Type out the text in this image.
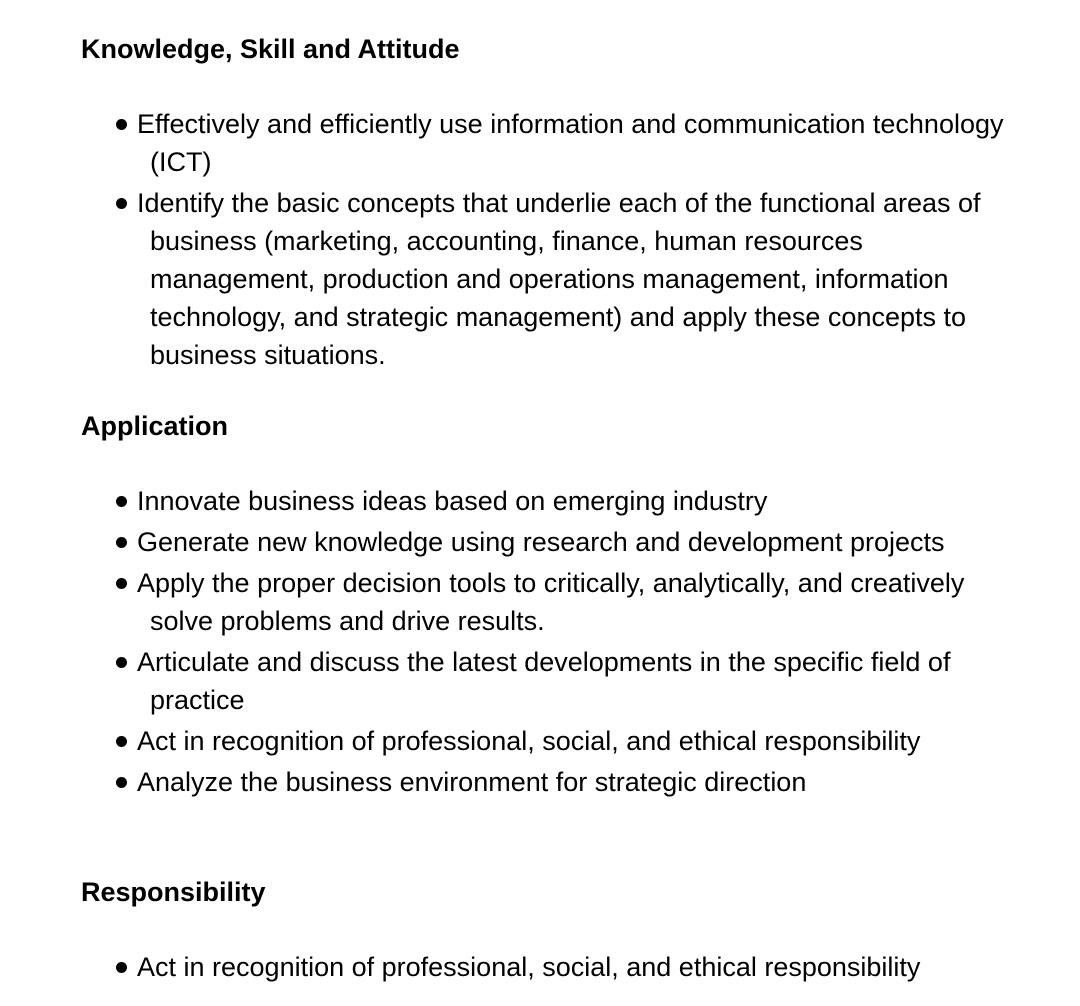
Knowledge, Skill and Attitude
Effectively and efficiently use information and communication technology (ICT)
Identify the basic concepts that underlie each of the functional areas of business (marketing, accounting, finance, human resources management, production and operations management, information technology, and strategic management) and apply these concepts to business situations.
Application
Innovate business ideas based on emerging industry
Generate new knowledge using research and development projects
Apply the proper decision tools to critically, analytically, and creatively solve problems and drive results.
Articulate and discuss the latest developments in the specific field of practice
Act in recognition of professional, social, and ethical responsibility
Analyze the business environment for strategic direction
Responsibility
Act in recognition of professional, social, and ethical responsibility
